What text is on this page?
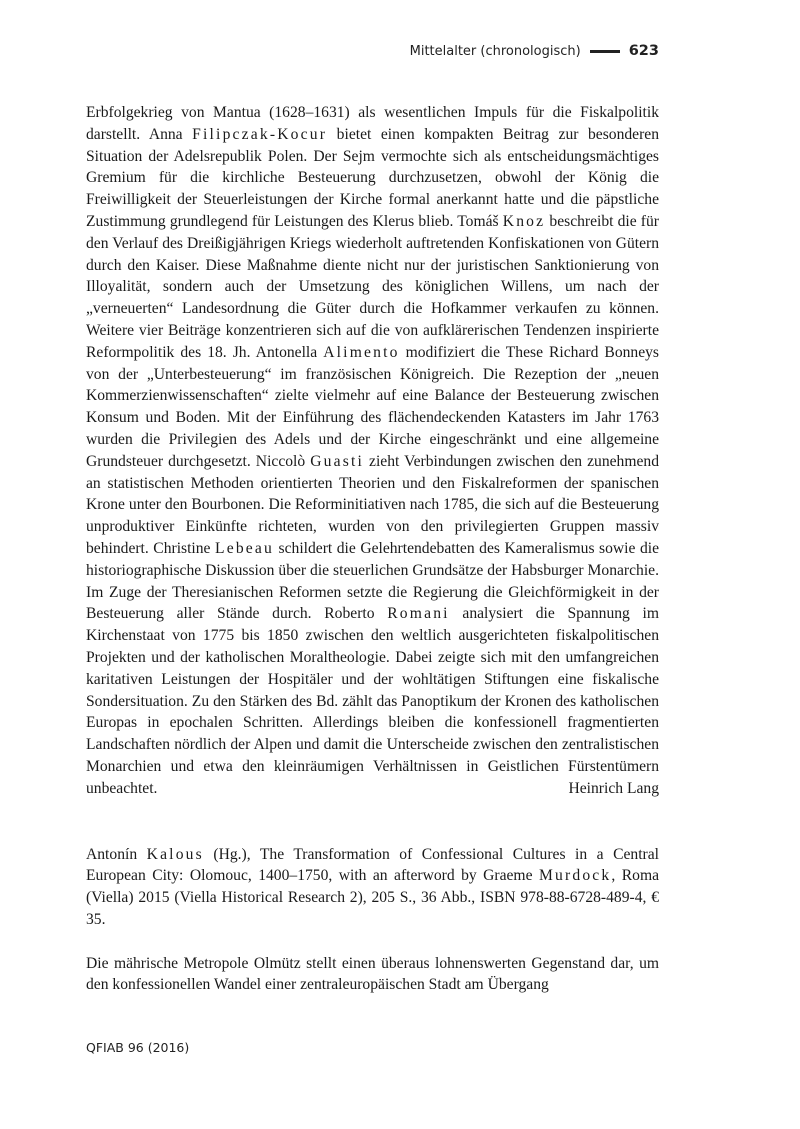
Mittelalter (chronologisch)	623

Erbfolgekrieg von Mantua (1628–1631) als wesentlichen Impuls für die Fiskalpolitik darstellt. Anna Filipczak-Kocur bietet einen kompakten Beitrag zur besonderen Situation der Adelsrepublik Polen. Der Sejm vermochte sich als entscheidungsmächtiges Gremium für die kirchliche Besteuerung durchzusetzen, obwohl der König die Freiwilligkeit der Steuerleistungen der Kirche formal anerkannt hatte und die päpstliche Zustimmung grundlegend für Leistungen des Klerus blieb. Tomáš Knoz beschreibt die für den Verlauf des Dreißigjährigen Kriegs wiederholt auftretenden Konfiskationen von Gütern durch den Kaiser. Diese Maßnahme diente nicht nur der juristischen Sanktionierung von Illoyalität, sondern auch der Umsetzung des königlichen Willens, um nach der „verneuerten“ Landesordnung die Güter durch die Hofkammer verkaufen zu können. Weitere vier Beiträge konzentrieren sich auf die von aufklärerischen Tendenzen inspirierte Reformpolitik des 18. Jh. Antonella Alimento modifiziert die These Richard Bonneys von der „Unterbesteuerung“ im französischen Königreich. Die Rezeption der „neuen Kommerzienwissenschaften“ zielte vielmehr auf eine Balance der Besteuerung zwischen Konsum und Boden. Mit der Einführung des flächendeckenden Katasters im Jahr 1763 wurden die Privilegien des Adels und der Kirche eingeschränkt und eine allgemeine Grundsteuer durchgesetzt. Niccolò Guasti zieht Verbindungen zwischen den zunehmend an statistischen Methoden orientierten Theorien und den Fiskalreformen der spanischen Krone unter den Bourbonen. Die Reforminitiativen nach 1785, die sich auf die Besteuerung unproduktiver Einkünfte richteten, wurden von den privilegierten Gruppen massiv behindert. Christine Lebeau schildert die Gelehrtendebatten des Kameralismus sowie die historiographische Diskussion über die steuerlichen Grundsätze der Habsburger Monarchie. Im Zuge der Theresianischen Reformen setzte die Regierung die Gleichförmigkeit in der Besteuerung aller Stände durch. Roberto Romani analysiert die Spannung im Kirchenstaat von 1775 bis 1850 zwischen den weltlich ausgerichteten fiskalpolitischen Projekten und der katholischen Moraltheologie. Dabei zeigte sich mit den umfangreichen karitativen Leistungen der Hospitäler und der wohltätigen Stiftungen eine fiskalische Sondersituation. Zu den Stärken des Bd. zählt das Panoptikum der Kronen des katholischen Europas in epochalen Schritten. Allerdings bleiben die konfessionell fragmentierten Landschaften nördlich der Alpen und damit die Unterscheide zwischen den zentralistischen Monarchien und etwa den kleinräumigen Verhältnissen in Geistlichen Fürstentümern unbeachtet.	Heinrich Lang

Antonín Kalous (Hg.), The Transformation of Confessional Cultures in a Central European City: Olomouc, 1400–1750, with an afterword by Graeme Murdock, Roma (Viella) 2015 (Viella Historical Research 2), 205 S., 36 Abb., ISBN 978-88-6728-489-4, € 35.

Die mährische Metropole Olmütz stellt einen überaus lohnenswerten Gegenstand dar, um den konfessionellen Wandel einer zentraleuropäischen Stadt am Übergang

QFIAB 96 (2016)
